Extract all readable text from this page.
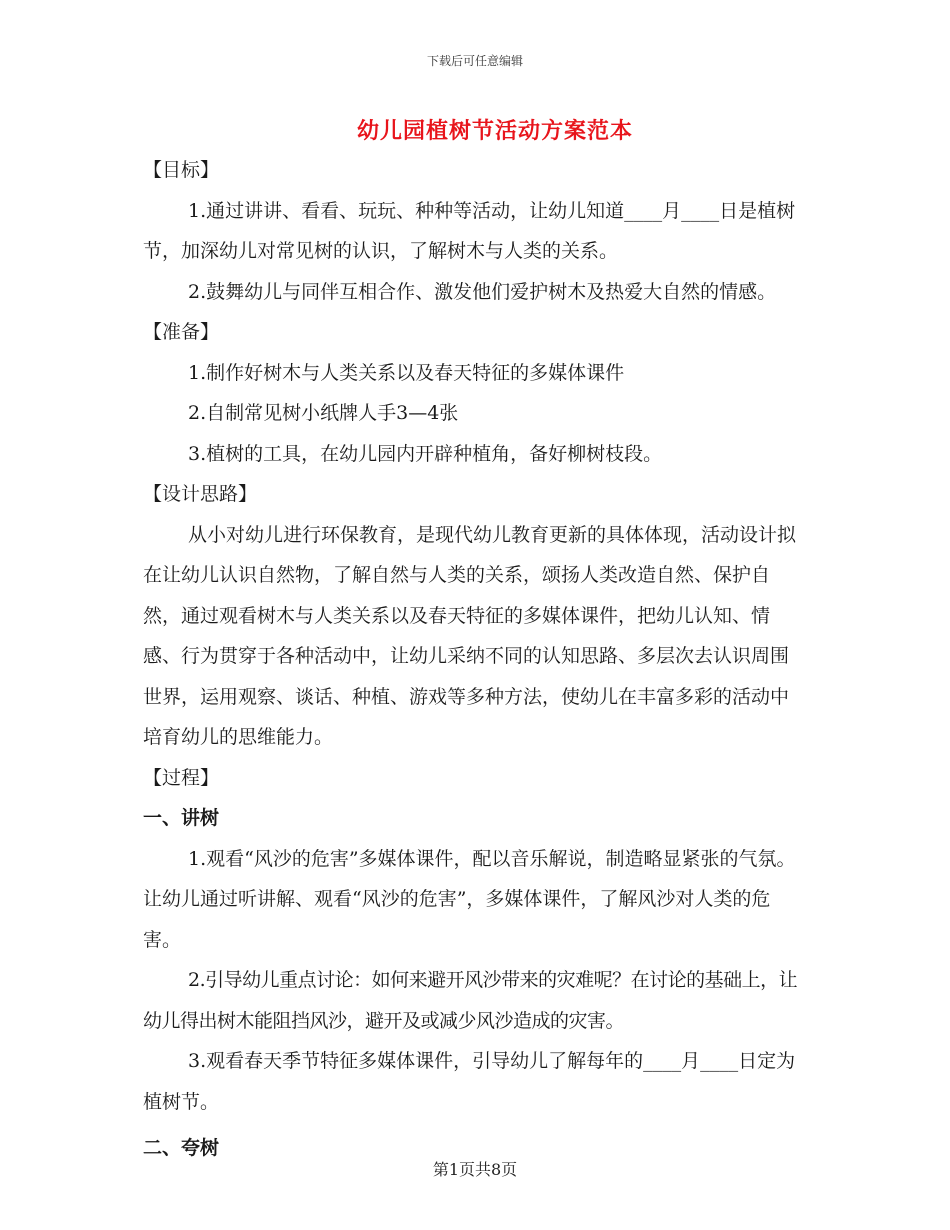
下载后可任意编辑
幼儿园植树节活动方案范本

【目标】

1.通过讲讲、看看、玩玩、种种等活动，让幼儿知道____月____日是植树节，加深幼儿对常见树的认识，了解树木与人类的关系。

2.鼓舞幼儿与同伴互相合作、激发他们爱护树木及热爱大自然的情感。

【准备】

1.制作好树木与人类关系以及春天特征的多媒体课件

2.自制常见树小纸牌人手3—4张

3.植树的工具，在幼儿园内开辟种植角，备好柳树枝段。

【设计思路】

从小对幼儿进行环保教育，是现代幼儿教育更新的具体体现，活动设计拟在让幼儿认识自然物，了解自然与人类的关系，颂扬人类改造自然、保护自然，通过观看树木与人类关系以及春天特征的多媒体课件，把幼儿认知、情感、行为贯穿于各种活动中，让幼儿采纳不同的认知思路、多层次去认识周围世界，运用观察、谈话、种植、游戏等多种方法，使幼儿在丰富多彩的活动中培育幼儿的思维能力。

【过程】

一、讲树

1.观看“风沙的危害”多媒体课件，配以音乐解说，制造略显紧张的气氛。让幼儿通过听讲解、观看“风沙的危害”，多媒体课件，了解风沙对人类的危害。

2.引导幼儿重点讨论：如何来避开风沙带来的灾难呢？在讨论的基础上，让幼儿得出树木能阻挡风沙，避开及或减少风沙造成的灾害。

3.观看春天季节特征多媒体课件，引导幼儿了解每年的____月____日定为植树节。

二、夸树

第1页共8页
